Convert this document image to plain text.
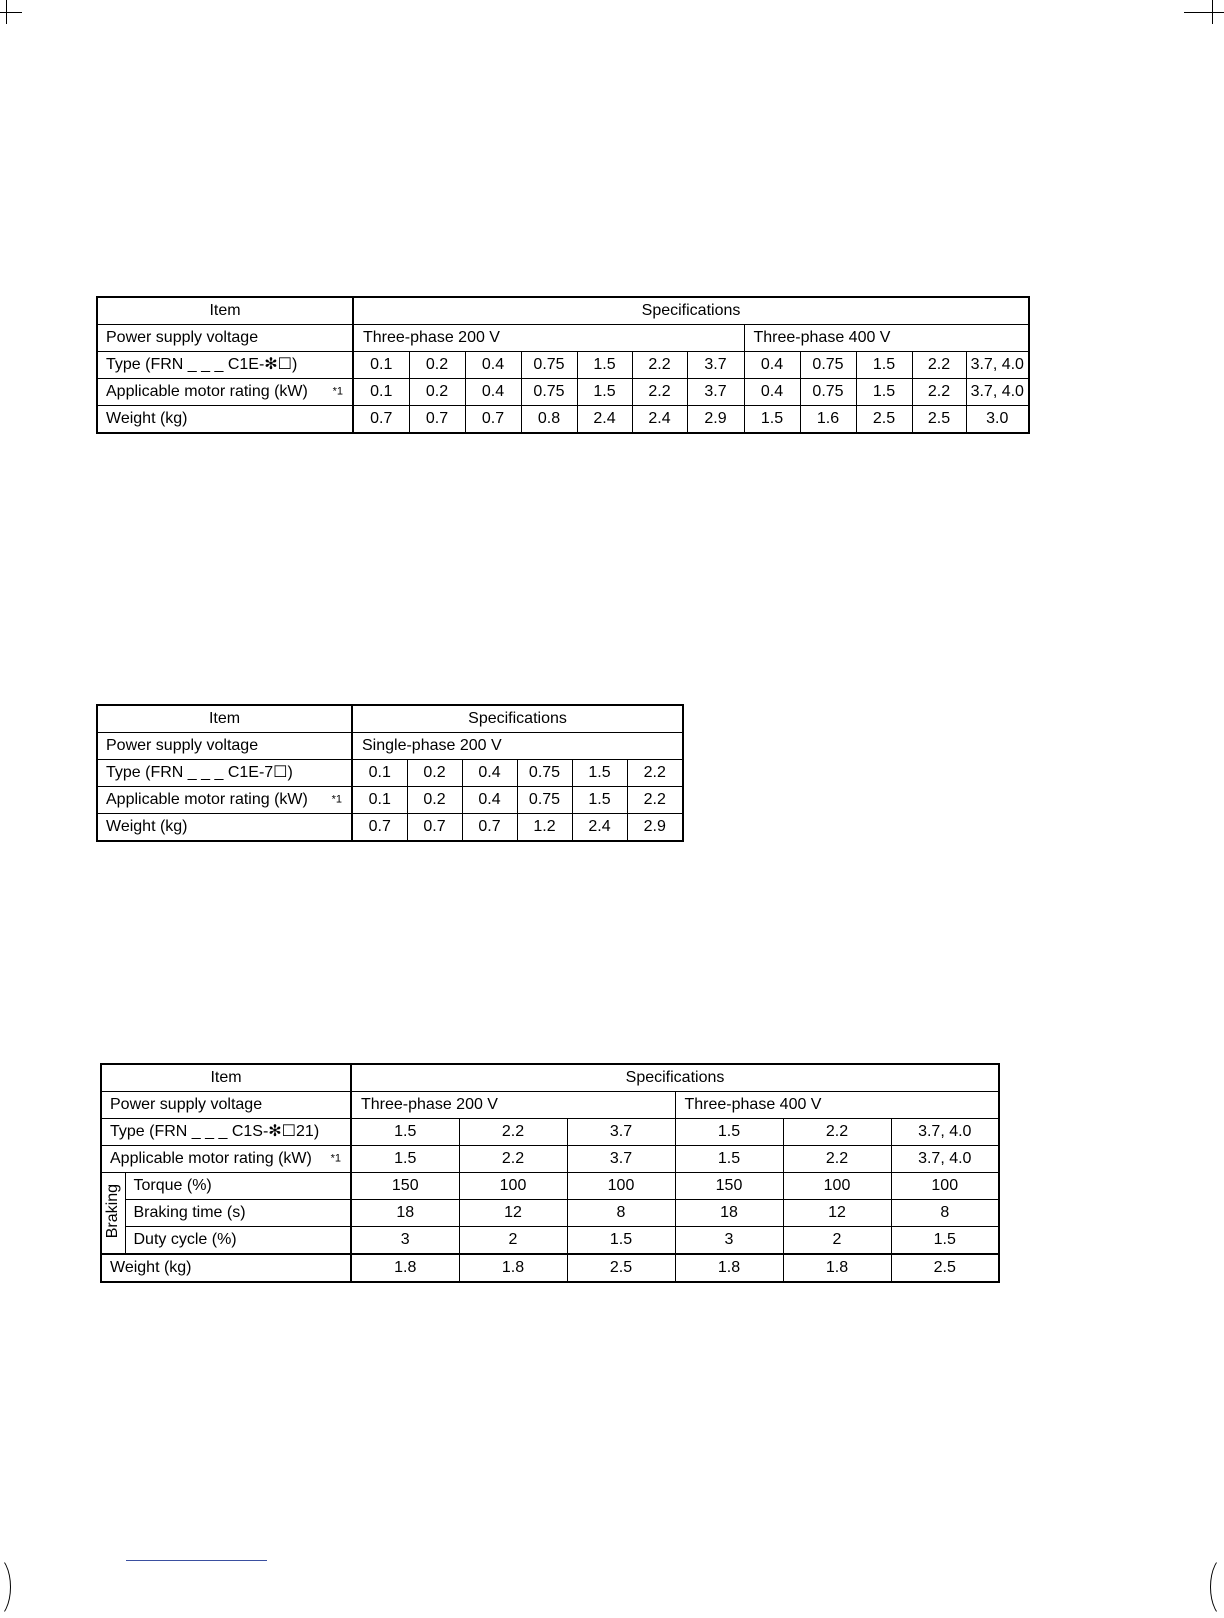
Item	Specifications											
Power supply voltage	Three-phase 200 V							Three-phase 400 V				
Type (FRN _ _ _ C1E-✻☐)	0.1	0.2	0.4	0.75	1.5	2.2	3.7	0.4	0.75	1.5	2.2	3.7, 4.0
Applicable motor rating (kW) *1	0.1	0.2	0.4	0.75	1.5	2.2	3.7	0.4	0.75	1.5	2.2	3.7, 4.0
Weight (kg)	0.7	0.7	0.7	0.8	2.4	2.4	2.9	1.5	1.6	2.5	2.5	3.0
Item	Specifications					
Power supply voltage	Single-phase 200 V					
Type (FRN _ _ _ C1E-7☐)	0.1	0.2	0.4	0.75	1.5	2.2
Applicable motor rating (kW) *1	0.1	0.2	0.4	0.75	1.5	2.2
Weight (kg)	0.7	0.7	0.7	1.2	2.4	2.9
Item		Specifications					
Power supply voltage		Three-phase 200 V			Three-phase 400 V		
Type (FRN _ _ _ C1S-✻☐21)		1.5	2.2	3.7	1.5	2.2	3.7, 4.0
Applicable motor rating (kW) *1		1.5	2.2	3.7	1.5	2.2	3.7, 4.0
Braking	Torque (%)	150	100	100	150	100	100
	Braking time (s)	18	12	8	18	12	8
	Duty cycle (%)	3	2	1.5	3	2	1.5
Weight (kg)		1.8	1.8	2.5	1.8	1.8	2.5
